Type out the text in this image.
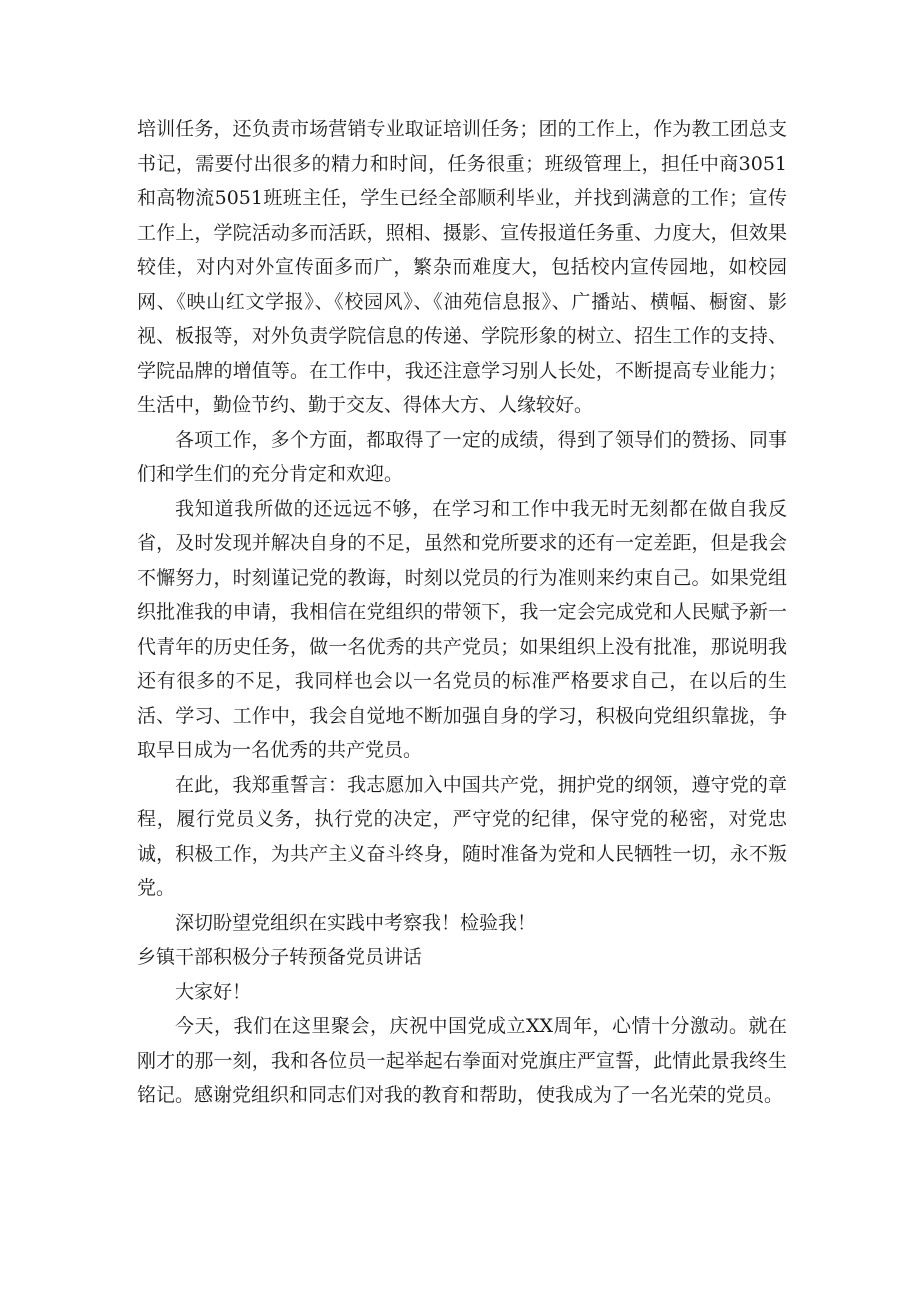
培训任务，还负责市场营销专业取证培训任务；团的工作上，作为教工团总支书记，需要付出很多的精力和时间，任务很重；班级管理上，担任中商3051和高物流5051班班主任，学生已经全部顺利毕业，并找到满意的工作；宣传工作上，学院活动多而活跃，照相、摄影、宣传报道任务重、力度大，但效果较佳，对内对外宣传面多而广，繁杂而难度大，包括校内宣传园地，如校园网、《映山红文学报》、《校园风》、《油苑信息报》、广播站、横幅、橱窗、影视、板报等，对外负责学院信息的传递、学院形象的树立、招生工作的支持、学院品牌的增值等。在工作中，我还注意学习别人长处，不断提高专业能力；生活中，勤俭节约、勤于交友、得体大方、人缘较好。

各项工作，多个方面，都取得了一定的成绩，得到了领导们的赞扬、同事们和学生们的充分肯定和欢迎。

我知道我所做的还远远不够，在学习和工作中我无时无刻都在做自我反省，及时发现并解决自身的不足，虽然和党所要求的还有一定差距，但是我会不懈努力，时刻谨记党的教诲，时刻以党员的行为准则来约束自己。如果党组织批准我的申请，我相信在党组织的带领下，我一定会完成党和人民赋予新一代青年的历史任务，做一名优秀的共产党员；如果组织上没有批准，那说明我还有很多的不足，我同样也会以一名党员的标准严格要求自己，在以后的生活、学习、工作中，我会自觉地不断加强自身的学习，积极向党组织靠拢，争取早日成为一名优秀的共产党员。

在此，我郑重誓言：我志愿加入中国共产党，拥护党的纲领，遵守党的章程，履行党员义务，执行党的决定，严守党的纪律，保守党的秘密，对党忠诚，积极工作，为共产主义奋斗终身，随时准备为党和人民牺牲一切，永不叛党。

深切盼望党组织在实践中考察我！检验我！

乡镇干部积极分子转预备党员讲话

大家好！

今天，我们在这里聚会，庆祝中国党成立XX周年，心情十分激动。就在刚才的那一刻，我和各位员一起举起右拳面对党旗庄严宣誓，此情此景我终生铭记。感谢党组织和同志们对我的教育和帮助，使我成为了一名光荣的党员。
